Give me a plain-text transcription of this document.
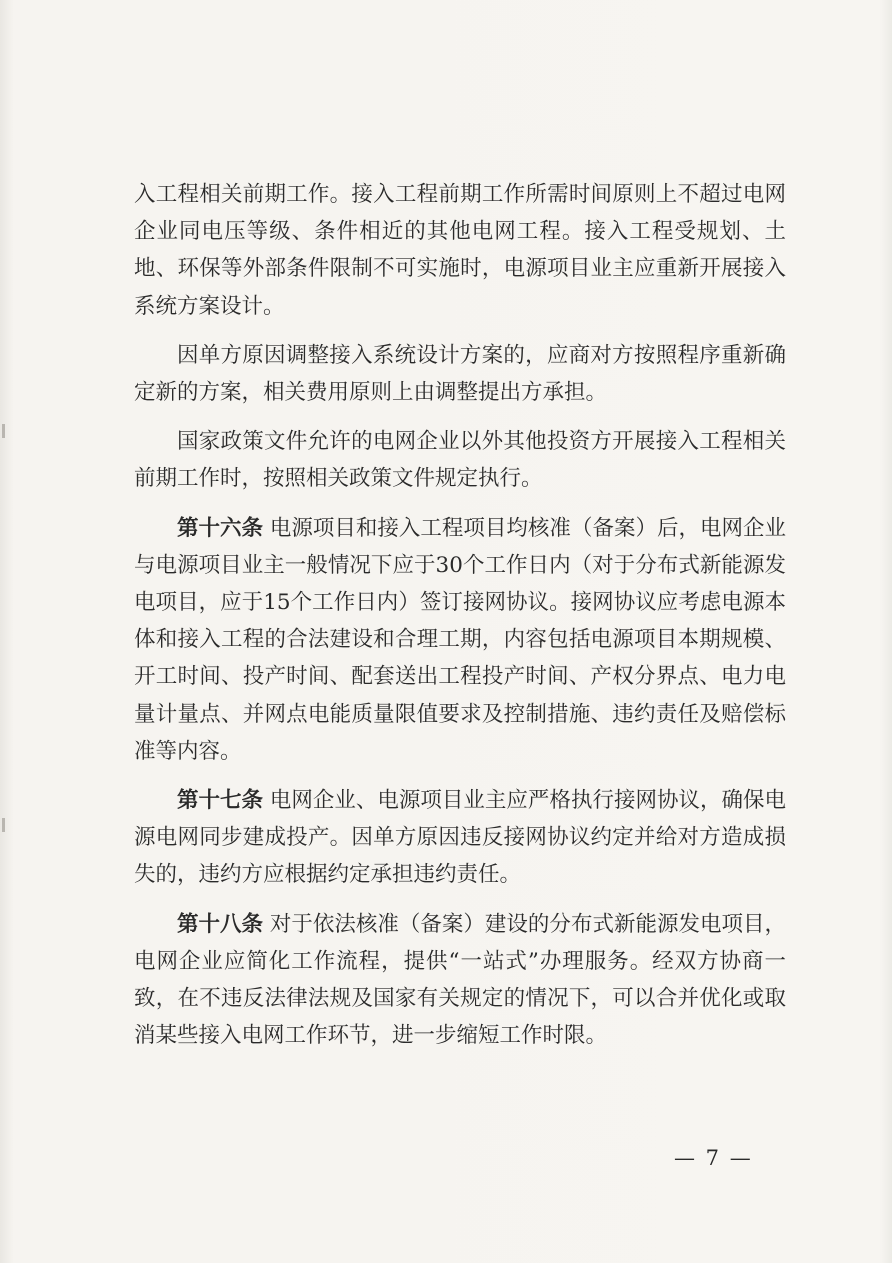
入工程相关前期工作。接入工程前期工作所需时间原则上不超过电网企业同电压等级、条件相近的其他电网工程。接入工程受规划、土地、环保等外部条件限制不可实施时，电源项目业主应重新开展接入系统方案设计。

因单方原因调整接入系统设计方案的，应商对方按照程序重新确定新的方案，相关费用原则上由调整提出方承担。

国家政策文件允许的电网企业以外其他投资方开展接入工程相关前期工作时，按照相关政策文件规定执行。

第十六条 电源项目和接入工程项目均核准（备案）后，电网企业与电源项目业主一般情况下应于30个工作日内（对于分布式新能源发电项目，应于15个工作日内）签订接网协议。接网协议应考虑电源本体和接入工程的合法建设和合理工期，内容包括电源项目本期规模、开工时间、投产时间、配套送出工程投产时间、产权分界点、电力电量计量点、并网点电能质量限值要求及控制措施、违约责任及赔偿标准等内容。

第十七条 电网企业、电源项目业主应严格执行接网协议，确保电源电网同步建成投产。因单方原因违反接网协议约定并给对方造成损失的，违约方应根据约定承担违约责任。

第十八条 对于依法核准（备案）建设的分布式新能源发电项目，电网企业应简化工作流程，提供“一站式”办理服务。经双方协商一致，在不违反法律法规及国家有关规定的情况下，可以合并优化或取消某些接入电网工作环节，进一步缩短工作时限。

— 7 —
